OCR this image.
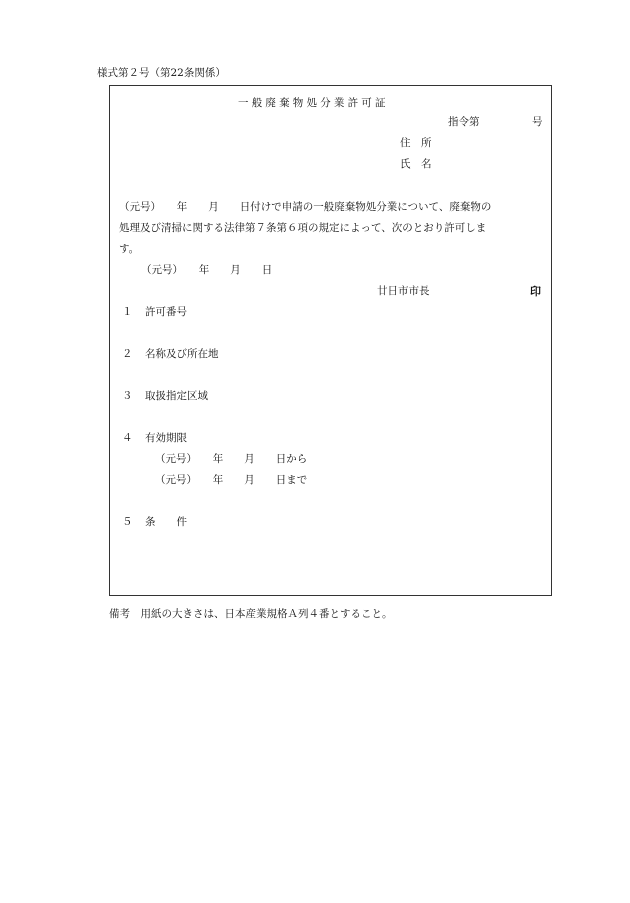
様式第２号（第22条関係）
一般廃棄物処分業許可証
指令第	号
住　所
氏　名
（元号）　　年　　月　　日付けで申請の一般廃棄物処分業について、廃棄物の
処理及び清掃に関する法律第７条第６項の規定によって、次のとおり許可しま
す。
（元号）　　年　　月　　日
廿日市市長	印
１ 許可番号
２ 名称及び所在地
３ 取扱指定区域
４ 有効期限
（元号）　　年　　月　　日から
（元号）　　年　　月　　日まで
５ 条　　件
備考　用紙の大きさは、日本産業規格Ａ列４番とすること。
